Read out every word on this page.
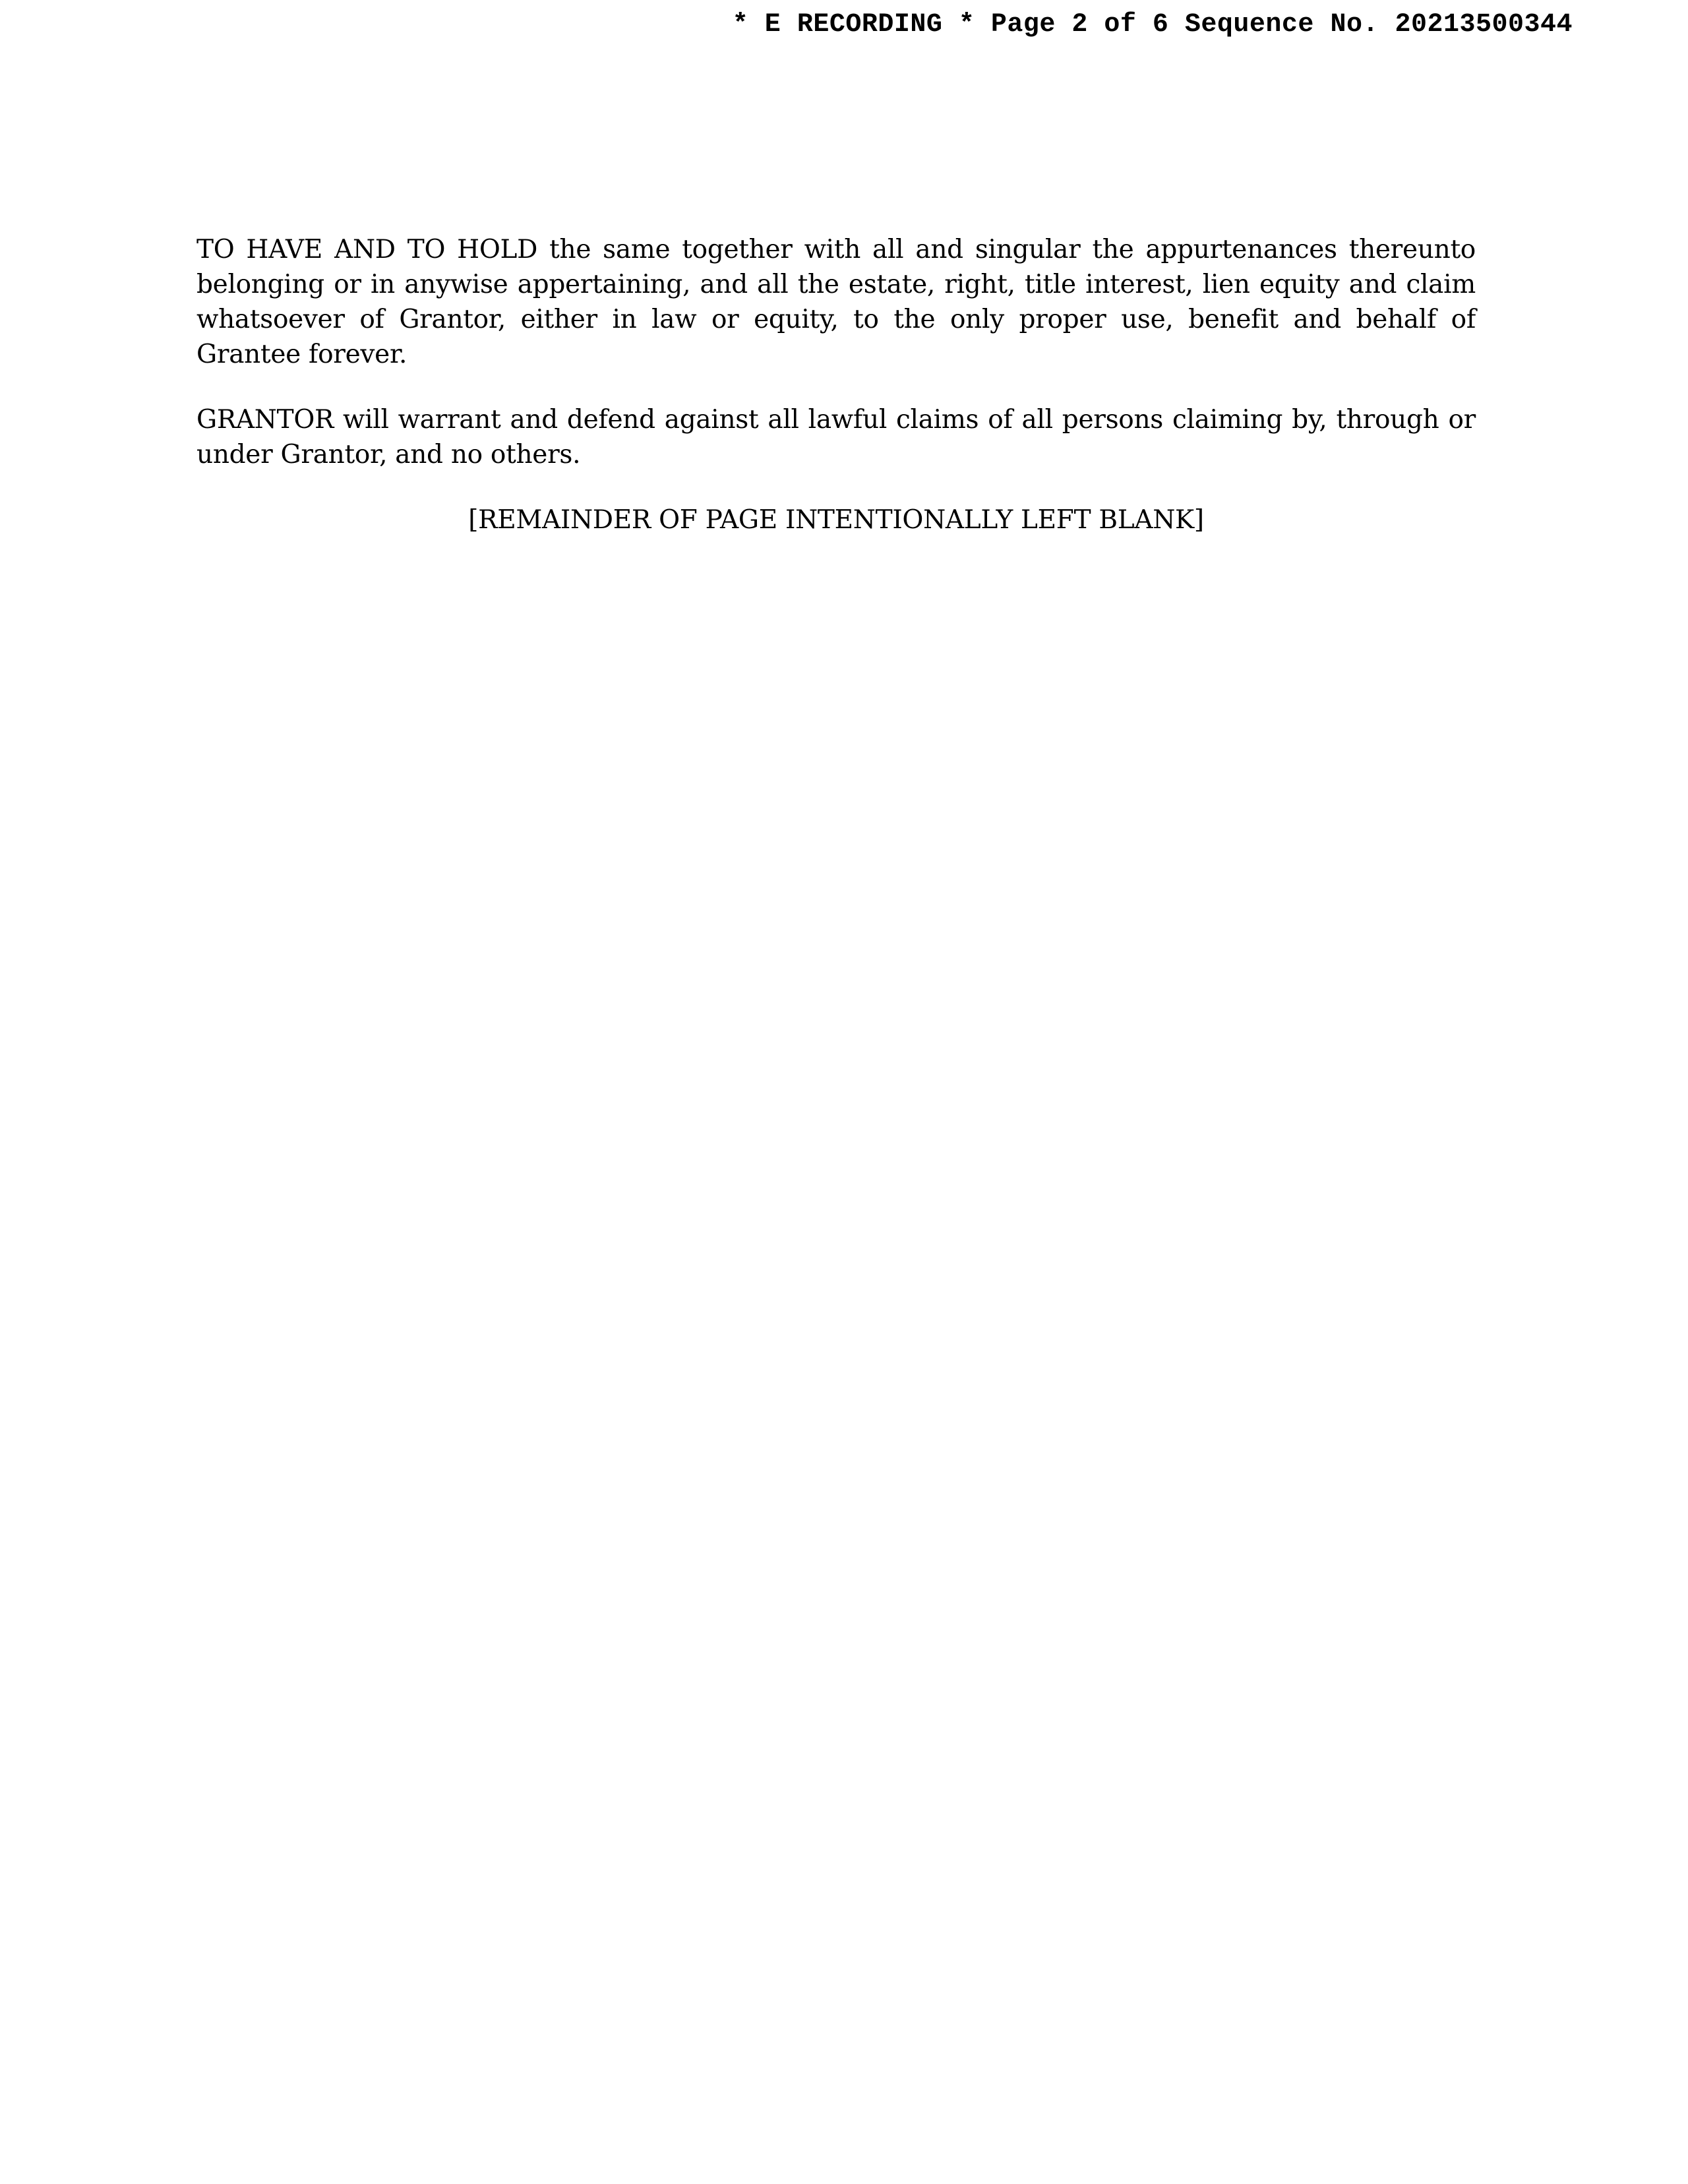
* E RECORDING * Page 2 of 6 Sequence No. 20213500344

TO HAVE AND TO HOLD the same together with all and singular the appurtenances thereunto belonging or in anywise appertaining, and all the estate, right, title interest, lien equity and claim whatsoever of Grantor, either in law or equity, to the only proper use, benefit and behalf of Grantee forever.

GRANTOR will warrant and defend against all lawful claims of all persons claiming by, through or under Grantor, and no others.

[REMAINDER OF PAGE INTENTIONALLY LEFT BLANK]
